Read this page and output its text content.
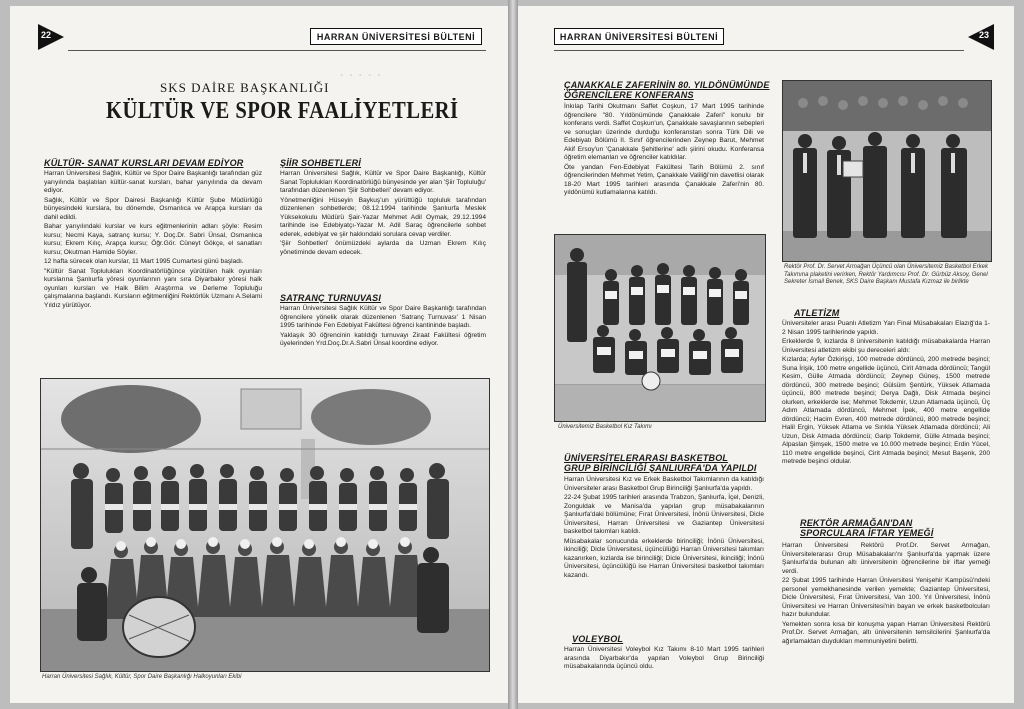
22	HARRAN ÜNİVERSİTESİ BÜLTENİ
· · · · ·
SKS DAİRE BAŞKANLIĞI
KÜLTÜR VE SPOR FAALİYETLERİ
KÜLTÜR- SANAT KURSLARI DEVAM EDİYOR

Harran Üniversitesi Sağlık, Kültür ve Spor Daire Başkanlığı tarafından güz yarıyılında başlatılan kültür-sanat kursları, bahar yarıyılında da devam ediyor.

Sağlık, Kültür ve Spor Dairesi Başkanlığı Kültür Şube Müdürlüğü bünyesindeki kurslara, bu dönemde, Osmanlıca ve Arapça kursları da dahil edildi.

Bahar yarıyılındaki kurslar ve kurs eğitmenlerinin adları şöyle: Resim kursu; Necmi Kaya, satranç kursu; Y. Doç.Dr. Sabri Ünsal, Osmanlıca kursu; Ekrem Kılıç, Arapça kursu; Öğr.Gör. Cüneyt Gökçe, el sanatları kursu; Okutman Hamide Söyler.

12 hafta sürecek olan kurslar, 11 Mart 1995 Cumartesi günü başladı.

"Kültür Sanat Toplulukları Koordinatörlüğünce yürütülen halk oyunları kurslarına Şanlıurfa yöresi oyunlarının yanı sıra Diyarbakır yöresi halk oyunları kursları ve Halk Bilim Araştırma ve Derleme Topluluğu çalışmalarına başlandı. Kursların eğitmenliğini Rektörlük Uzmanı A.Selami Yıldız yürütüyor.

ŞİİR SOHBETLERİ

Harran Üniversitesi Sağlık, Kültür ve Spor Daire Başkanlığı, Kültür Sanat Toplulukları Koordinatörlüğü bünyesinde yer alan 'Şiir Topluluğu' tarafından düzenlenen 'Şiir Sohbetleri' devam ediyor.

Yönetmenliğini Hüseyin Baykuş'un yürüttüğü topluluk tarafından düzenlenen sohbetlerde; 08.12.1994 tarihinde Şanlıurfa Meslek Yüksekokulu Müdürü Şair-Yazar Mehmet Adil Oymak, 29.12.1994 tarihinde ise Edebiyatçı-Yazar M. Adil Saraç öğrencilerle sohbet ederek, edebiyat ve şiir hakkındaki sorulara cevap verdiler.

'Şiir Sohbetleri' önümüzdeki aylarda da Uzman Ekrem Kılıç yönetiminde devam edecek.

SATRANÇ TURNUVASI

Harran Üniversitesi Sağlık Kültür ve Spor Daire Başkanlığı tarafından öğrencilere yönelik olarak düzenlenen 'Satranç Turnuvası' 1 Nisan 1995 tarihinde Fen Edebiyat Fakültesi öğrenci kantininde başladı.

Yaklaşık 30 öğrencinin katıldığı turnuvayı Ziraat Fakültesi öğretim üyelerinden Yrd.Doç.Dr.A.Sabri Ünsal koordine ediyor.

Harran Üniversitesi Sağlık, Kültür, Spor Daire Başkanlığı Halkoyunları Ekibi

HARRAN ÜNİVERSİTESİ BÜLTENİ	23
ÇANAKKALE ZAFERİNİN 80. YILDÖNÜMÜNDE
ÖĞRENCİLERE KONFERANS

İnkılap Tarihi Okutmanı Saffet Coşkun, 17 Mart 1995 tarihinde öğrencilere "80. Yıldönümünde Çanakkale Zaferi" konulu bir konferans verdi. Saffet Coşkun'un, Çanakkale savaşlarının sebepleri ve sonuçları üzerinde durduğu konferanstan sonra Türk Dili ve Edebiyatı Bölümü II. Sınıf öğrencilerinden Zeynep Barut, Mehmet Akif Ersoy'un 'Çanakkale Şehitlerine' adlı şiirini okudu. Konferansa öğretim elemanları ve öğrenciler katıldılar.

Öte yandan Fen-Edebiyat Fakültesi Tarih Bölümü 2. sınıf öğrencilerinden Mehmet Yetim, Çanakkale Valiliği'nin davetlisi olarak 18-20 Mart 1995 tarihleri arasında Çanakkale Zaferi'nin 80. yıldönümü kutlamalarına katıldı.

Üniversitemiz Basketbol Kız Takımı

Rektör Prof. Dr. Servet Armağan Üçüncü olan Üniversitemiz Basketbol Erkek Takımına plaketini verirken, Rektör Yardımcısı Prof. Dr. Gürbüz Aksoy, Genel Sekreter İsmail Benek, SKS Daire Başkanı Mustafa Kızmaz ile birlikte

ÜNİVERSİTELERARASI BASKETBOL
GRUP BİRİNCİLİĞİ ŞANLIURFA'DA YAPILDI

Harran Üniversitesi Kız ve Erkek Basketbol Takımlarının da katıldığı Üniversiteler arası Basketbol Grup Birinciliği Şanlıurfa'da yapıldı.

22-24 Şubat 1995 tarihleri arasında Trabzon, Şanlıurfa, İçel, Denizli, Zonguldak ve Manisa'da yapılan grup müsabakalarının Şanlıurfa'daki bölümüne; Fırat Üniversitesi, İnönü Üniversitesi, Dicle Üniversitesi, Harran Üniversitesi ve Gaziantep Üniversitesi basketbol takımları katıldı.

Müsabakalar sonucunda erkeklerde birinciliği; İnönü Üniversitesi, ikinciliği; Dicle Üniversitesi, üçüncülüğü Harran Üniversitesi takımları kazanırken, kızlarda ise birinciliği; Dicle Üniversitesi, ikinciliği; İnönü Üniversitesi, üçüncülüğü ise Harran Üniversitesi basketbol takımları kazandı.

VOLEYBOL

Harran Üniversitesi Voleybol Kız Takımı 8-10 Mart 1995 tarihleri arasında Diyarbakır'da yapılan Voleybol Grup Birinciliği müsabakalarında üçüncü oldu.

ATLETİZM

Üniversiteler arası Puanlı Atletizm Yarı Final Müsabakaları Elazığ'da 1-2 Nisan 1995 tarihlerinde yapıldı.

Erkeklerde 9, kızlarda 8 üniversitenin katıldığı müsabakalarda Harran Üniversitesi atletizm ekibi şu dereceleri aldı:

Kızlarda; Ayfer Özkirişçi, 100 metrede dördüncü, 200 metrede beşinci; Suna İrişik, 100 metre engellide üçüncü, Cirit Atmada dördüncü; Tangül Kesim, Gülle Atmada dördüncü; Zeynep Güneş, 1500 metrede dördüncü, 300 metrede beşinci; Gülsüm Şentürk, Yüksek Atlamada üçüncü, 800 metrede beşinci; Derya Dağlı, Disk Atmada beşinci olurken, erkeklerde ise; Mehmet Tokdemir, Uzun Atlamada üçüncü, Üç Adım Atlamada dördüncü, Mehmet İpek, 400 metre engellide dördüncü; Hacim Evren, 400 metrede dördüncü, 800 metrede beşinci; Halil Ergin, Yüksek Atlama ve Sırıkla Yüksek Atlamada dördüncü; Ali Uzun, Disk Atmada dördüncü; Garip Tokdemir, Gülle Atmada beşinci; Alpaslan Şimşek, 1500 metre ve 10.000 metrede beşinci; Erdin Yücel, 110 metre engellide beşinci, Cirit Atmada beşinci; Mesut Başenk, 200 metrede beşinci oldular.

REKTÖR ARMAĞAN'DAN
SPORCULARA İFTAR YEMEĞİ

Harran Üniversitesi Rektörü Prof.Dr. Servet Armağan, Üniversitelerarası Grup Müsabakaları'nı Şanlıurfa'da yapmak üzere Şanlıurfa'da bulunan altı üniversitenin öğrencilerine bir iftar yemeği verdi.

22 Şubat 1995 tarihinde Harran Üniversitesi Yenişehir Kampüsü'ndeki personel yemekhanesinde verilen yemekte; Gaziantep Üniversitesi, Dicle Üniversitesi, Fırat Üniversitesi, Van 100. Yıl Üniversitesi, İnönü Üniversitesi ve Harran Üniversitesi'nin bayan ve erkek basketbolcuları hazır bulundular.

Yemekten sonra kısa bir konuşma yapan Harran Üniversitesi Rektörü Prof.Dr. Servet Armağan, altı üniversitenin temsilcilerini Şanlıurfa'da ağırlamaktan duydukları memnuniyetini belirtti.
